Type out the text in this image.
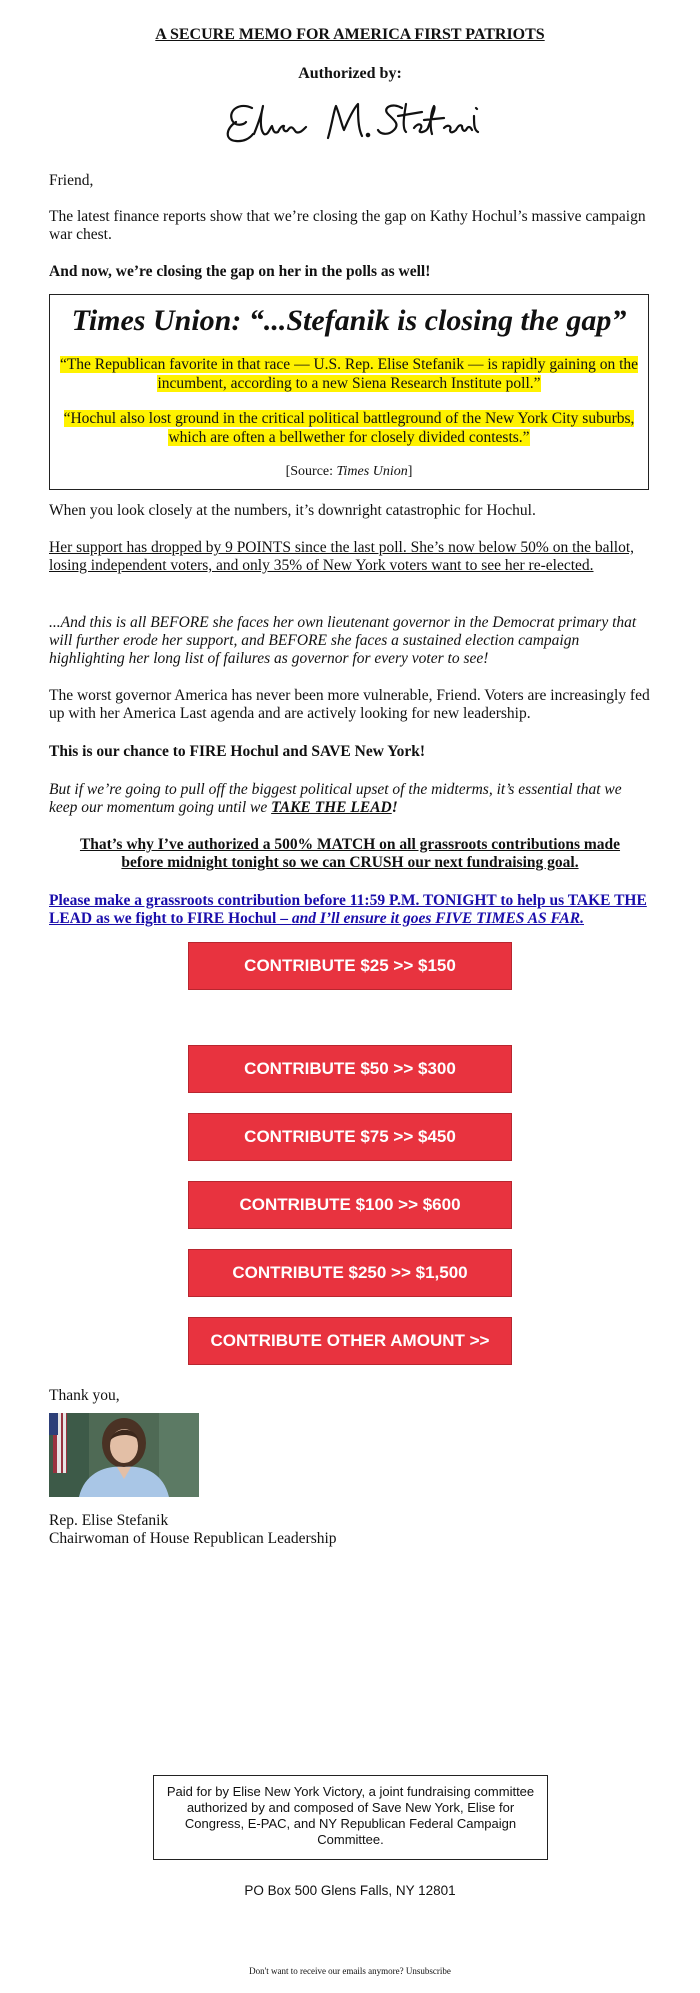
A SECURE MEMO FOR AMERICA FIRST PATRIOTS
Authorized by:
Friend,
The latest finance reports show that we’re closing the gap on Kathy Hochul’s massive campaign war chest.
And now, we’re closing the gap on her in the polls as well!
Times Union: “...Stefanik is closing the gap”
“The Republican favorite in that race — U.S. Rep. Elise Stefanik — is rapidly gaining on the incumbent, according to a new Siena Research Institute poll.”
“Hochul also lost ground in the critical political battleground of the New York City suburbs, which are often a bellwether for closely divided contests.”
[Source: Times Union]
When you look closely at the numbers, it’s downright catastrophic for Hochul.
Her support has dropped by 9 POINTS since the last poll. She’s now below 50% on the ballot, losing independent voters, and only 35% of New York voters want to see her re-elected.
...And this is all BEFORE she faces her own lieutenant governor in the Democrat primary that will further erode her support, and BEFORE she faces a sustained election campaign highlighting her long list of failures as governor for every voter to see!
The worst governor America has never been more vulnerable, Friend. Voters are increasingly fed up with her America Last agenda and are actively looking for new leadership.
This is our chance to FIRE Hochul and SAVE New York!
But if we’re going to pull off the biggest political upset of the midterms, it’s essential that we keep our momentum going until we TAKE THE LEAD!
That’s why I’ve authorized a 500% MATCH on all grassroots contributions made before midnight tonight so we can CRUSH our next fundraising goal.
Please make a grassroots contribution before 11:59 P.M. TONIGHT to help us TAKE THE LEAD as we fight to FIRE Hochul – and I’ll ensure it goes FIVE TIMES AS FAR.
CONTRIBUTE $25 >> $150
CONTRIBUTE $50 >> $300
CONTRIBUTE $75 >> $450
CONTRIBUTE $100 >> $600
CONTRIBUTE $250 >> $1,500
CONTRIBUTE OTHER AMOUNT >>
Thank you,
Rep. Elise Stefanik
Chairwoman of House Republican Leadership
Paid for by Elise New York Victory, a joint fundraising committee authorized by and composed of Save New York, Elise for Congress, E-PAC, and NY Republican Federal Campaign Committee.
PO Box 500 Glens Falls, NY 12801
Don't want to receive our emails anymore? Unsubscribe
